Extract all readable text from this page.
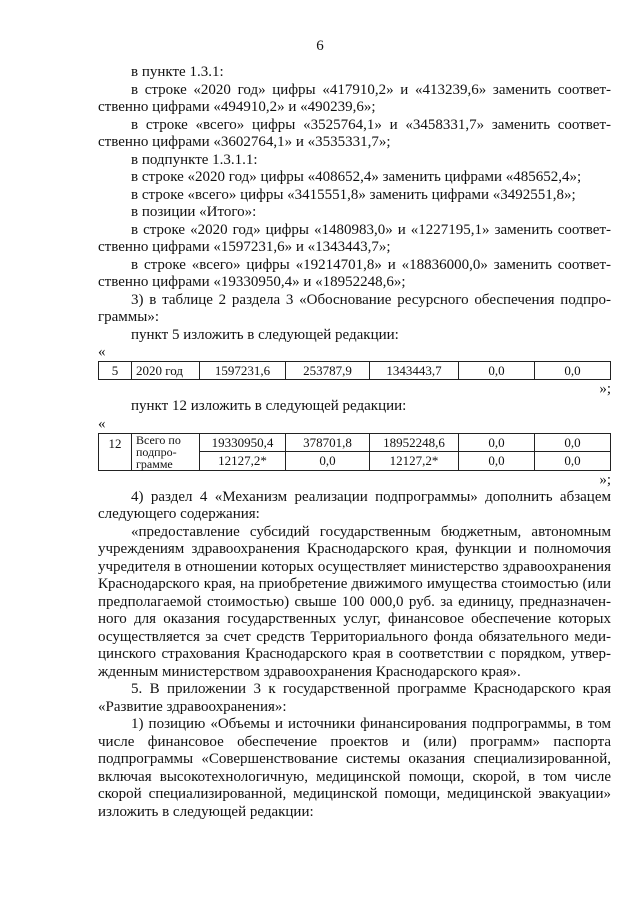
6

в пункте 1.3.1:

в строке «2020 год» цифры «417910,2» и «413239,6» заменить соответ-

ственно цифрами «494910,2» и «490239,6»;

в строке «всего» цифры «3525764,1» и «3458331,7» заменить соответ-

ственно цифрами «3602764,1» и «3535331,7»;

в подпункте 1.3.1.1:

в строке «2020 год» цифры «408652,4» заменить цифрами «485652,4»;

в строке «всего» цифры «3415551,8» заменить цифрами «3492551,8»;

в позиции «Итого»:

в строке «2020 год» цифры «1480983,0» и «1227195,1» заменить соответ-

ственно цифрами «1597231,6» и «1343443,7»;

в строке «всего» цифры «19214701,8» и «18836000,0» заменить соответ-

ственно цифрами «19330950,4» и «18952248,6»;

3) в таблице 2 раздела 3 «Обоснование ресурсного обеспечения подпро-

граммы»:

пункт 5 изложить в следующей редакции:

«

5	2020 год	1597231,6	253787,9	1343443,7	0,0	0,0

»;

пункт 12 изложить в следующей редакции:

«

12	Всего по
подпро-
грамме	19330950,4	378701,8	18952248,6	0,0	0,0
		12127,2*	0,0	12127,2*	0,0	0,0

»;

4) раздел 4 «Механизм реализации подпрограммы» дополнить абзацем

следующего содержания:

«предоставление субсидий государственным бюджетным, автономным

учреждениям здравоохранения Краснодарского края, функции и полномочия

учредителя в отношении которых осуществляет министерство здравоохранения

Краснодарского края, на приобретение движимого имущества стоимостью (или

предполагаемой стоимостью) свыше 100 000,0 руб. за единицу, предназначен-

ного для оказания государственных услуг, финансовое обеспечение которых

осуществляется за счет средств Территориального фонда обязательного меди-

цинского страхования Краснодарского края в соответствии с порядком, утвер-

жденным министерством здравоохранения Краснодарского края».

5. В приложении 3 к государственной программе Краснодарского края

«Развитие здравоохранения»:

1) позицию «Объемы и источники финансирования подпрограммы, в том

числе финансовое обеспечение проектов и (или) программ» паспорта

подпрограммы «Совершенствование системы оказания специализированной,

включая высокотехнологичную, медицинской помощи, скорой, в том числе

скорой специализированной, медицинской помощи, медицинской эвакуации»

изложить в следующей редакции:
